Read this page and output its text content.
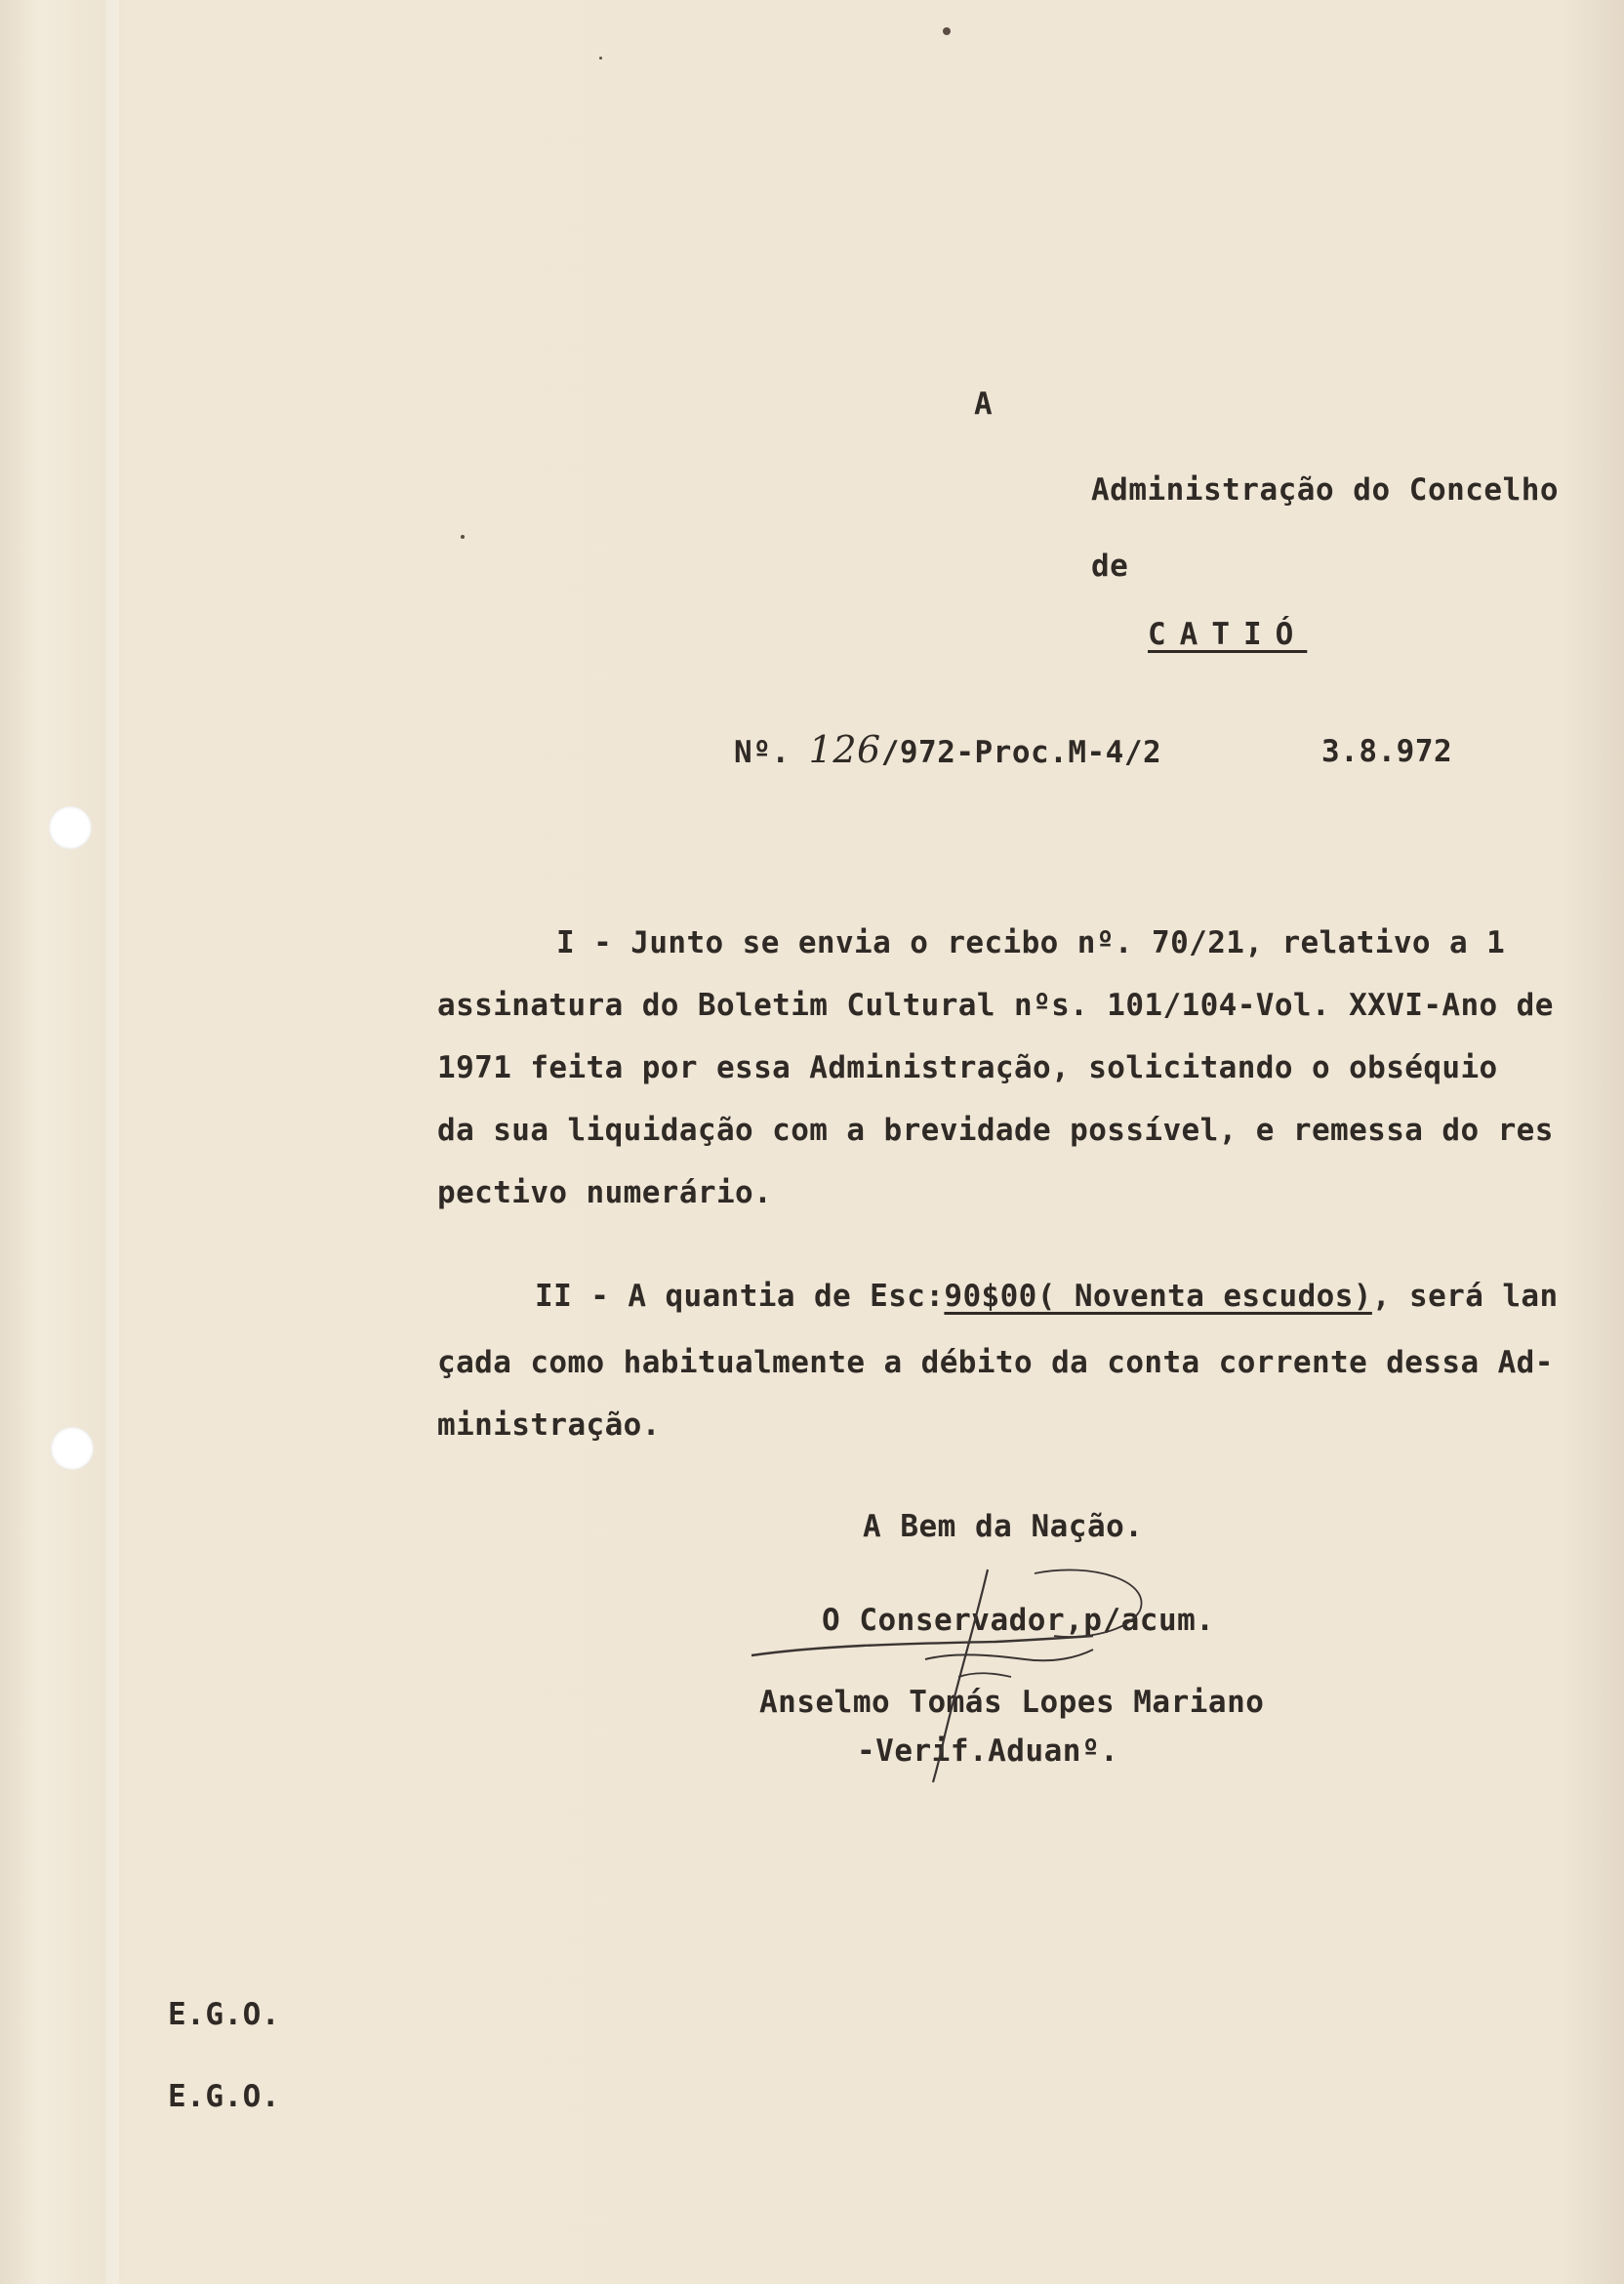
A
Administração do Concelho
de
CATIÓ
Nº. 126/972-Proc.M-4/2	3.8.972
I - Junto se envia o recibo nº. 70/21, relativo a 1
assinatura do Boletim Cultural nºs. 101/104-Vol. XXVI-Ano de
1971 feita por essa Administração, solicitando o obséquio
da sua liquidação com a brevidade possível, e remessa do res
pectivo numerário.
II - A quantia de Esc:90$00( Noventa escudos), será lan
çada como habitualmente a débito da conta corrente dessa Ad-
ministração.
A Bem da Nação.
O Conservador,p/acum.
Anselmo Tomás Lopes Mariano
-Verif.Aduanº.
E.G.O.
E.G.O.
